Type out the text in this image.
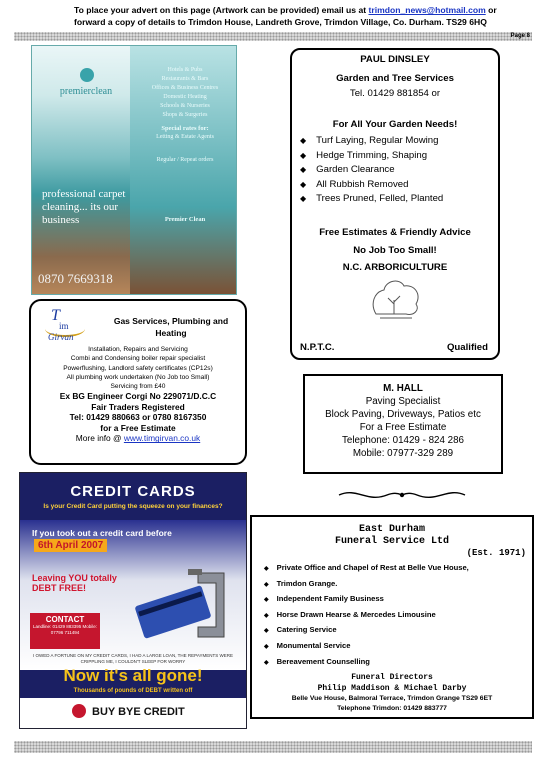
To place your advert on this page (Artwork can be provided) email us at trimdon_news@hotmail.com or
forward a copy of details to Trimdon House, Landreth Grove, Trimdon Village, Co. Durham. TS29 6HQ
Page 8
premierclean
professional carpet cleaning... its our business
0870 7669318
Hotels & Pubs
Restaurants & Bars
Offices & Business Centres
Domestic Heating
Schools & Nurseries
Shops & Surgeries
Special rates for:
Letting & Estate Agents
Regular / Repeat orders
Premier Clean
T
im
Girvan
Gas Services, Plumbing and Heating
Installation, Repairs and Servicing
Combi and Condensing boiler repair specialist
Powerflushing, Landlord safety certificates (CP12s)
All plumbing work undertaken (No Job too Small)
Servicing from £40
Ex BG Engineer Corgi No 229071/D.C.C
Fair Traders Registered
Tel: 01429 880663 or 0780 8167350
for a Free Estimate
More info @ www.timgirvan.co.uk
CREDIT CARDS
Is your Credit Card putting the squeeze on your finances?
If you took out a credit card before
6th April 2007
Leaving YOU totally DEBT FREE!
CONTACT
Landline: 01429 883395 Mobile: 07796 711494
I OWED A FORTUNE ON MY CREDIT CARDS, I HAD A LARGE LOAN, THE REPAYMENTS WERE CRIPPLING ME, I COULDN'T SLEEP FOR WORRY
Now it's all gone!
Thousands of pounds of DEBT written off
BUY BYE CREDIT
PAUL DINSLEY
Garden and Tree Services
Tel. 01429 881854 or
For All Your Garden Needs!
◆ Turf Laying, Regular Mowing
◆ Hedge Trimming, Shaping
◆ Garden Clearance
◆ All Rubbish Removed
◆ Trees Pruned, Felled, Planted
Free Estimates & Friendly Advice
No Job Too Small!
N.C. ARBORICULTURE
N.P.T.C.	Qualified
M. HALL
Paving Specialist
Block Paving, Driveways, Patios etc
For a Free Estimate
Telephone: 01429 - 824 286
Mobile: 07977-329 289
East Durham
Funeral Service Ltd
(Est. 1971)
◆ Private Office and Chapel of Rest at Belle Vue House,
◆ Trimdon Grange.
◆ Independent Family Business
◆ Horse Drawn Hearse & Mercedes Limousine
◆ Catering Service
◆ Monumental Service
◆ Bereavement Counselling
Funeral Directors
Philip Maddison & Michael Darby
Belle Vue House, Balmoral Terrace, Trimdon Grange TS29 6ET
Telephone Trimdon: 01429 883777
